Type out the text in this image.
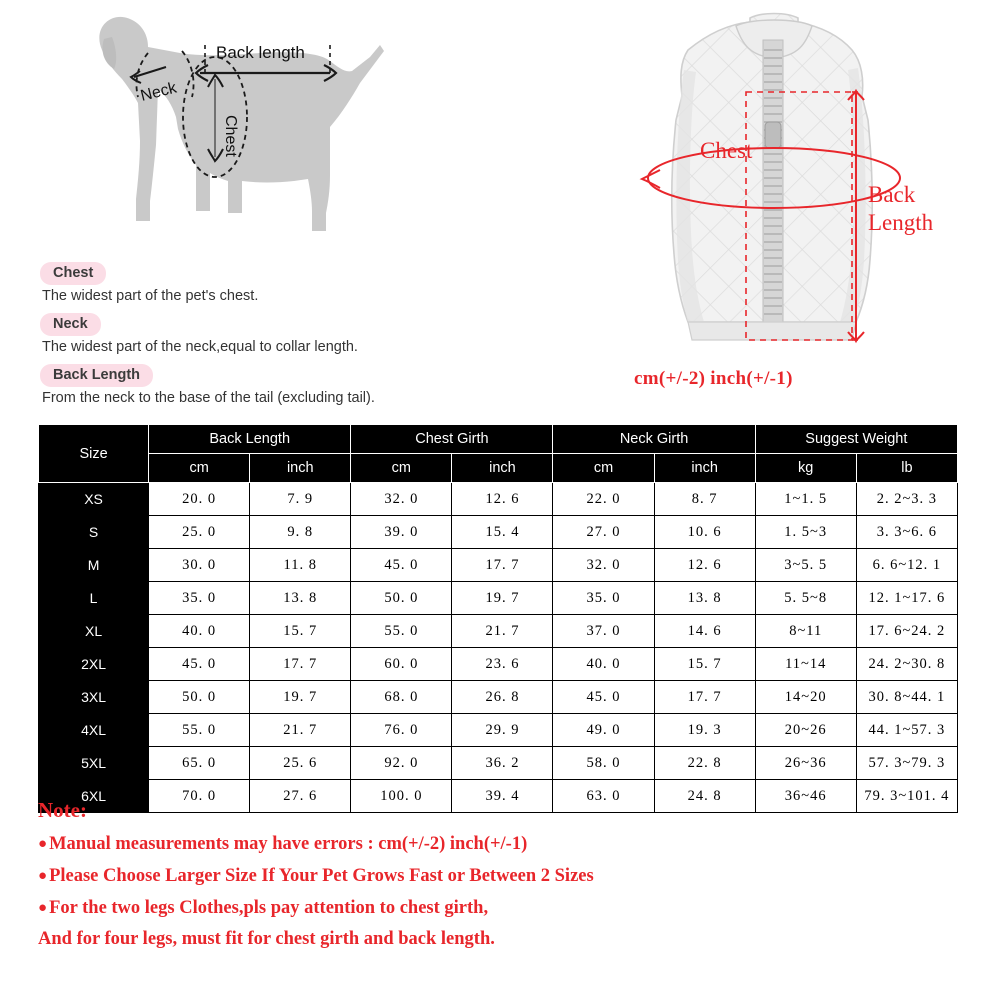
Back length
Neck
Chest	Chest
Back
Length
Chest

The widest part of the pet's chest.

Neck

The widest part of the neck,equal to collar length.

Back Length

From the neck to the base of the tail (excluding tail).

cm(+/-2) inch(+/-1)
Size	Back Length		Chest Girth		Neck Girth		Suggest Weight	
	cm	inch	cm	inch	cm	inch	kg	lb
XS	20. 0	7. 9	32. 0	12. 6	22. 0	8. 7	1~1. 5	2. 2~3. 3
S	25. 0	9. 8	39. 0	15. 4	27. 0	10. 6	1. 5~3	3. 3~6. 6
M	30. 0	11. 8	45. 0	17. 7	32. 0	12. 6	3~5. 5	6. 6~12. 1
L	35. 0	13. 8	50. 0	19. 7	35. 0	13. 8	5. 5~8	12. 1~17. 6
XL	40. 0	15. 7	55. 0	21. 7	37. 0	14. 6	8~11	17. 6~24. 2
2XL	45. 0	17. 7	60. 0	23. 6	40. 0	15. 7	11~14	24. 2~30. 8
3XL	50. 0	19. 7	68. 0	26. 8	45. 0	17. 7	14~20	30. 8~44. 1
4XL	55. 0	21. 7	76. 0	29. 9	49. 0	19. 3	20~26	44. 1~57. 3
5XL	65. 0	25. 6	92. 0	36. 2	58. 0	22. 8	26~36	57. 3~79. 3
6XL	70. 0	27. 6	100. 0	39. 4	63. 0	24. 8	36~46	79. 3~101. 4
Note:
● Manual measurements may have errors : cm(+/-2) inch(+/-1)
● Please Choose Larger Size If Your Pet Grows Fast or Between 2 Sizes
● For the two legs Clothes,pls pay attention to chest girth,
And for four legs, must fit for chest girth and back length.
